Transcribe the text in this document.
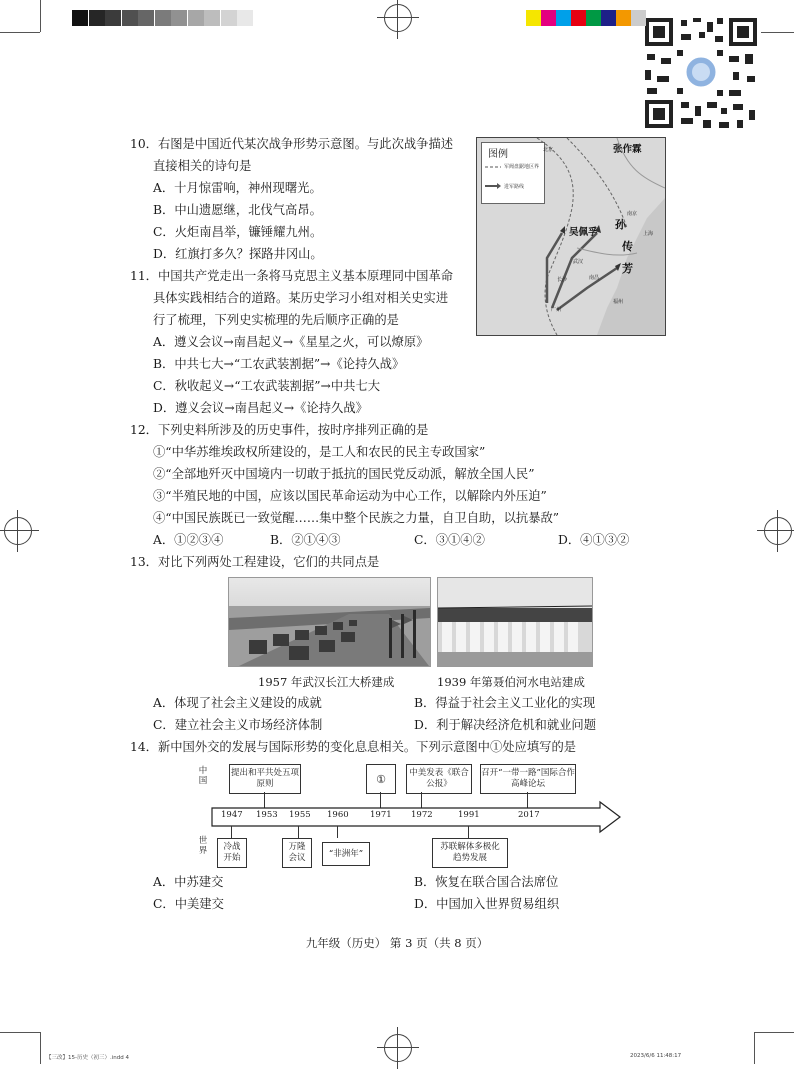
10．右图是中国近代某次战争形势示意图。与此次战争描述
直接相关的诗句是
A．十月惊雷响，神州现曙光。
B．中山遗愿继，北伐气高昂。
C．火炬南昌举，镰锤耀九州。
D．红旗打多久？探路井冈山。
图例
军阀盘踞地区界
进军路线
张作霖
吴佩孚
孙
传
芳
北京
武汉
南昌
长沙
广州
福州
上海
南京
11．中国共产党走出一条将马克思主义基本原理同中国革命
具体实践相结合的道路。某历史学习小组对相关史实进
行了梳理，下列史实梳理的先后顺序正确的是
A．遵义会议→南昌起义→《星星之火，可以燎原》
B．中共七大→“工农武装割据”→《论持久战》
C．秋收起义→“工农武装割据”→中共七大
D．遵义会议→南昌起义→《论持久战》
12．下列史料所涉及的历史事件，按时序排列正确的是
①“中华苏维埃政权所建设的，是工人和农民的民主专政国家”
②“全部地歼灭中国境内一切敢于抵抗的国民党反动派，解放全国人民”
③“半殖民地的中国，应该以国民革命运动为中心工作，以解除内外压迫”
④“中国民族既已一致觉醒……集中整个民族之力量，自卫自助，以抗暴敌”
A．①②③④	B．②①④③	C．③①④②	D．④①③②
13．对比下列两处工程建设，它们的共同点是
1957 年武汉长江大桥建成	1939 年第聂伯河水电站建成
A．体现了社会主义建设的成就	B．得益于社会主义工业化的实现
C．建立社会主义市场经济体制	D．利于解决经济危机和就业问题
14．新中国外交的发展与国际形势的变化息息相关。下列示意图中①处应填写的是
中国
世界
提出和平共处五项原则	①	中美发表《联合公报》
召开“一带一路”国际合作高峰论坛
1947 1953 1955 1960	1971 1972	1991	2017
冷战开始
万隆会议	“非洲年”
苏联解体多极化趋势发展
A．中苏建交	B．恢复在联合国合法席位
C．中美建交	D．中国加入世界贸易组织
九年级（历史） 第 3 页（共 8 页）
【三改】15-历史（初三）.indd 4	2023/6/6 11:48:17
